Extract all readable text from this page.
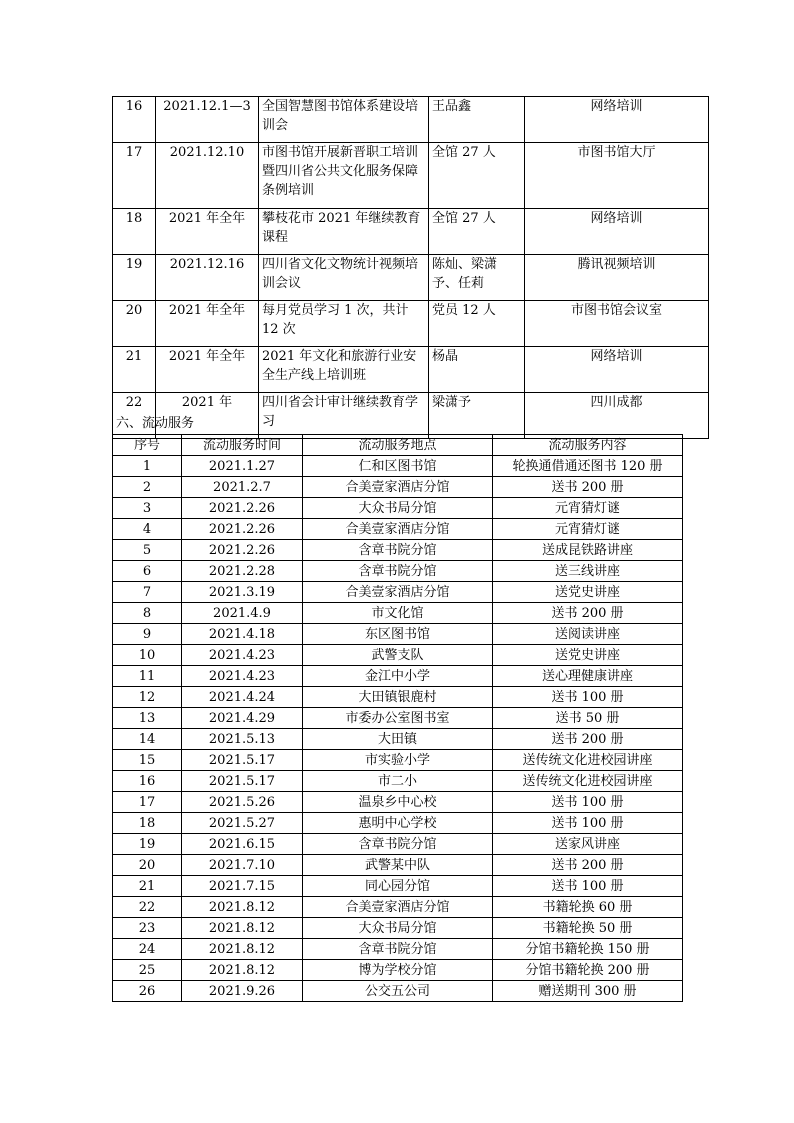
16	2021.12.1—3	全国智慧图书馆体系建设培训会	王品鑫	网络培训
17	2021.12.10	市图书馆开展新晋职工培训暨四川省公共文化服务保障条例培训	全馆 27 人	市图书馆大厅
18	2021 年全年	攀枝花市 2021 年继续教育课程	全馆 27 人	网络培训
19	2021.12.16	四川省文化文物统计视频培训会议	陈灿、梁潇予、任莉	腾讯视频培训
20	2021 年全年	每月党员学习 1 次，共计 12 次	党员 12 人	市图书馆会议室
21	2021 年全年	2021 年文化和旅游行业安全生产线上培训班	杨晶	网络培训
22	2021 年	四川省会计审计继续教育学习	梁潇予	四川成都
六、流动服务
序号	流动服务时间	流动服务地点	流动服务内容
1	2021.1.27	仁和区图书馆	轮换通借通还图书 120 册
2	2021.2.7	合美壹家酒店分馆	送书 200 册
3	2021.2.26	大众书局分馆	元宵猜灯谜
4	2021.2.26	合美壹家酒店分馆	元宵猜灯谜
5	2021.2.26	含章书院分馆	送成昆铁路讲座
6	2021.2.28	含章书院分馆	送三线讲座
7	2021.3.19	合美壹家酒店分馆	送党史讲座
8	2021.4.9	市文化馆	送书 200 册
9	2021.4.18	东区图书馆	送阅读讲座
10	2021.4.23	武警支队	送党史讲座
11	2021.4.23	金江中小学	送心理健康讲座
12	2021.4.24	大田镇银鹿村	送书 100 册
13	2021.4.29	市委办公室图书室	送书 50 册
14	2021.5.13	大田镇	送书 200 册
15	2021.5.17	市实验小学	送传统文化进校园讲座
16	2021.5.17	市二小	送传统文化进校园讲座
17	2021.5.26	温泉乡中心校	送书 100 册
18	2021.5.27	惠明中心学校	送书 100 册
19	2021.6.15	含章书院分馆	送家风讲座
20	2021.7.10	武警某中队	送书 200 册
21	2021.7.15	同心园分馆	送书 100 册
22	2021.8.12	合美壹家酒店分馆	书籍轮换 60 册
23	2021.8.12	大众书局分馆	书籍轮换 50 册
24	2021.8.12	含章书院分馆	分馆书籍轮换 150 册
25	2021.8.12	博为学校分馆	分馆书籍轮换 200 册
26	2021.9.26	公交五公司	赠送期刊 300 册
